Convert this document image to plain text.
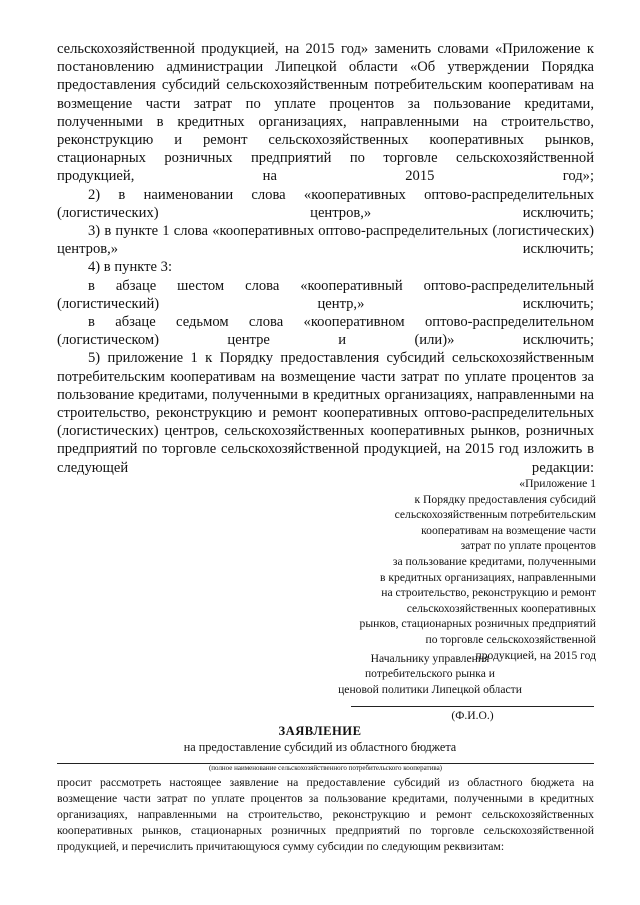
сельскохозяйственной продукцией, на 2015 год» заменить словами «Приложение к постановлению администрации Липецкой области «Об утверждении Порядка предоставления субсидий сельскохозяйственным потребительским кооперативам на возмещение части затрат по уплате процентов за пользование кредитами, полученными в кредитных организациях, направленными на строительство, реконструкцию и ремонт сельскохозяйственных кооперативных рынков, стационарных розничных предприятий по торговле сельскохозяйственной продукцией, на 2015 год»;

2) в наименовании слова «кооперативных оптово-распределительных (логистических) центров,» исключить;

3) в пункте 1 слова «кооперативных оптово-распределительных (логистических) центров,» исключить;

4) в пункте 3:

в абзаце шестом слова «кооперативный оптово-распределительный (логистический) центр,» исключить;

в абзаце седьмом слова «кооперативном оптово-распределительном (логистическом) центре и (или)» исключить;

5) приложение 1 к Порядку предоставления субсидий сельскохозяйственным потребительским кооперативам на возмещение части затрат по уплате процентов за пользование кредитами, полученными в кредитных организациях, направленными на строительство, реконструкцию и ремонт кооперативных оптово-распределительных (логистических) центров, сельскохозяйственных кооперативных рынков, розничных предприятий по торговле сельскохозяйственной продукцией, на 2015 год изложить в следующей редакции:

«Приложение 1
к Порядку предоставления субсидий
сельскохозяйственным потребительским
кооперативам на возмещение части
затрат по уплате процентов
за пользование кредитами, полученными
в кредитных организациях, направленными
на строительство, реконструкцию и ремонт
сельскохозяйственных кооперативных
рынков, стационарных розничных предприятий
по торговле сельскохозяйственной
продукцией, на 2015 год
Начальнику управления
потребительского рынка и
ценовой политики Липецкой области
(Ф.И.О.)
ЗАЯВЛЕНИЕ
на предоставление субсидий из областного бюджета
(полное наименование сельскохозяйственного потребительского кооператива)
просит рассмотреть настоящее заявление на предоставление субсидий из областного бюджета на возмещение части затрат по уплате процентов за пользование кредитами, полученными в кредитных организациях, направленными на строительство, реконструкцию и ремонт сельскохозяйственных кооперативных рынков, стационарных розничных предприятий по торговле сельскохозяйственной продукцией, и перечислить причитающуюся сумму субсидии по следующим реквизитам:
